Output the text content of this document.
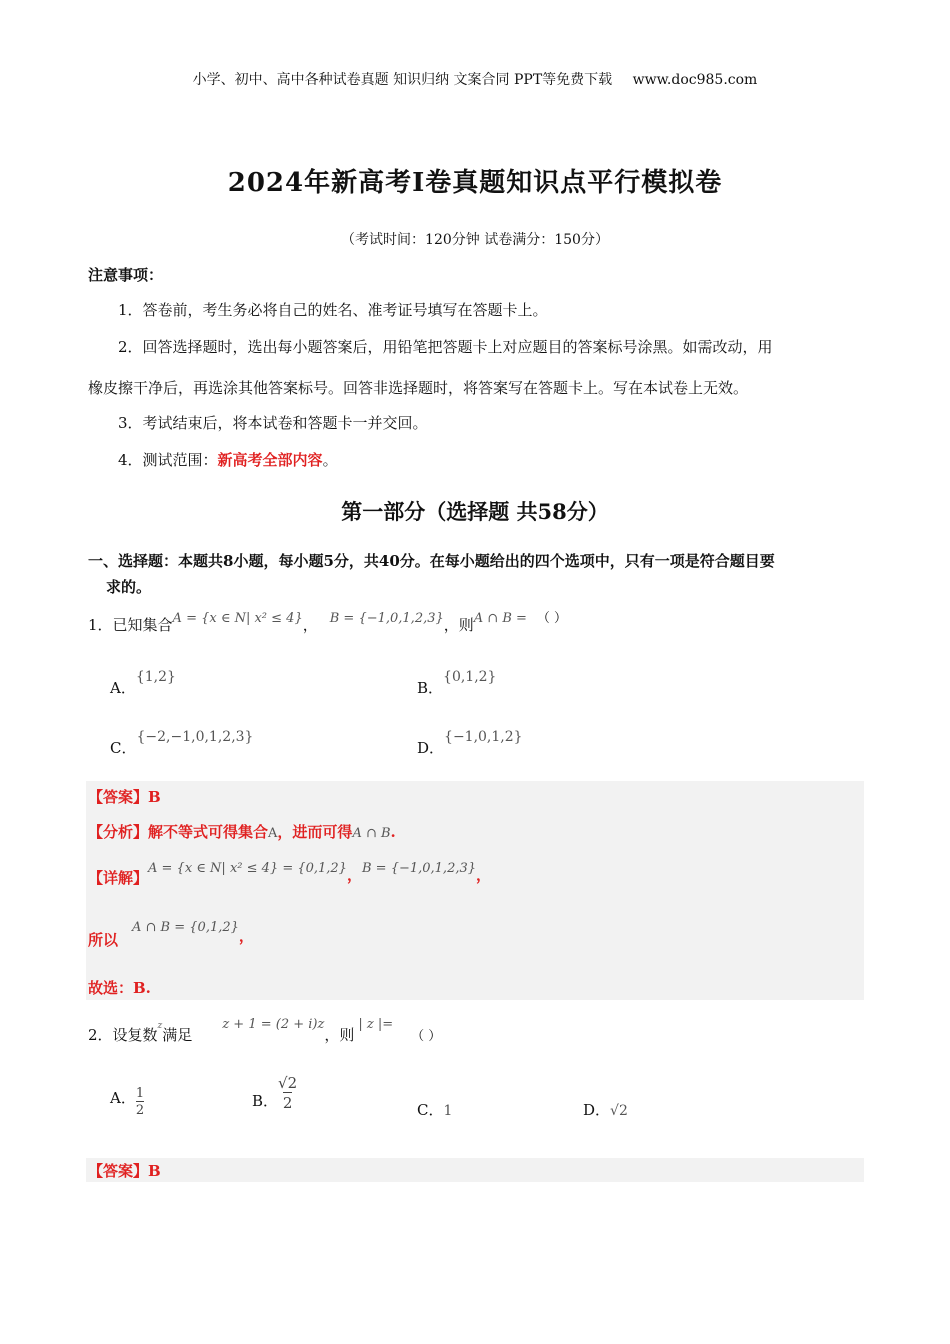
小学、初中、高中各种试卷真题 知识归纳 文案合同 PPT等免费下载 www.doc985.com
2024年新高考Ⅰ卷真题知识点平行模拟卷
（考试时间：120分钟 试卷满分：150分）
注意事项：
1．答卷前，考生务必将自己的姓名、准考证号填写在答题卡上。
2．回答选择题时，选出每小题答案后，用铅笔把答题卡上对应题目的答案标号涂黑。如需改动，用
橡皮擦干净后，再选涂其他答案标号。回答非选择题时，将答案写在答题卡上。写在本试卷上无效。
3．考试结束后，将本试卷和答题卡一并交回。
4．测试范围：新高考全部内容。
第一部分（选择题 共58分）
一、选择题：本题共8小题，每小题5分，共40分。在每小题给出的四个选项中，只有一项是符合题目要
求的。
1．已知集合A = {x ∈ N| x² ≤ 4}， B = {−1,0,1,2,3}，则A ∩ B = （ ）
A．{1,2}
B．{0,1,2}
C．{−2,−1,0,1,2,3}
D．{−1,0,1,2}
【答案】B
【分析】解不等式可得集合A，进而可得A ∩ B.
【详解】A = {x ∈ N| x² ≤ 4} = {0,1,2}，B = {−1,0,1,2,3}，
所以A ∩ B = {0,1,2}，
故选：B.
2．设复数z满足z + 1 = (2 + i)z，则| z |=（ ）
A． $\frac{1}{2}$	B． $\frac{√2}{2}$	C．1	D．√2
【答案】B
